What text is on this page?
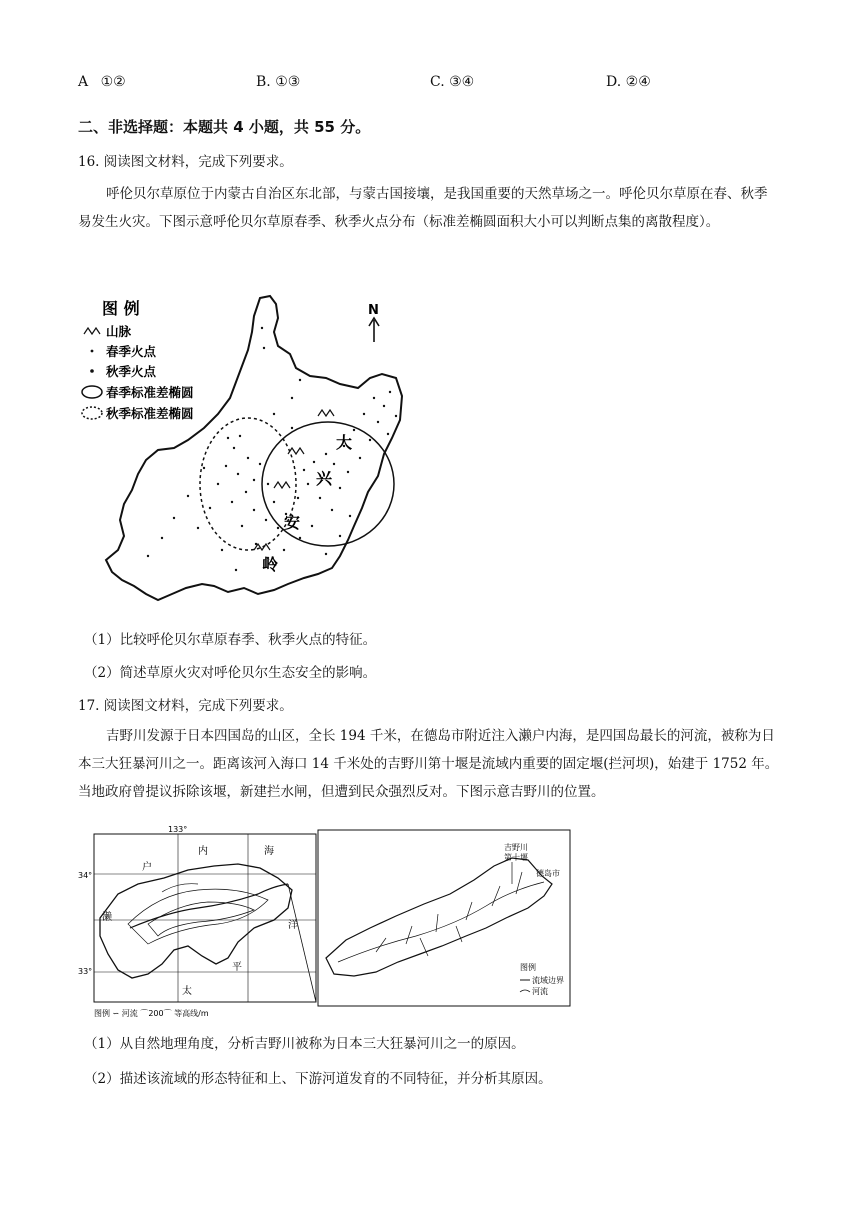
A ①②	B. ①③	C. ③④	D. ②④
二、非选择题：本题共 4 小题，共 55 分。
16. 阅读图文材料，完成下列要求。
呼伦贝尔草原位于内蒙古自治区东北部，与蒙古国接壤，是我国重要的天然草场之一。呼伦贝尔草原在春、秋季易发生火灾。下图示意呼伦贝尔草原春季、秋季火点分布（标准差椭圆面积大小可以判断点集的离散程度）。
大
兴
安
岭
N
图 例
山脉
春季火点
秋季火点
春季标准差椭圆
秋季标准差椭圆
（1）比较呼伦贝尔草原春季、秋季火点的特征。
（2）简述草原火灾对呼伦贝尔生态安全的影响。
17. 阅读图文材料，完成下列要求。
吉野川发源于日本四国岛的山区，全长 194 千米，在德岛市附近注入濑户内海，是四国岛最长的河流，被称为日本三大狂暴河川之一。距离该河入海口 14 千米处的吉野川第十堰是流域内重要的固定堰(拦河坝)，始建于 1752 年。当地政府曾提议拆除该堰，新建拦水闸，但遭到民众强烈反对。下图示意吉野川的位置。
133°
34°
33°
内	海
户
濑
洋
平
太
图例 ∽ 河流 ⌒200⌒ 等高线/m
吉野川
第十堰
德岛市
图例
流域边界
河流
（1）从自然地理角度，分析吉野川被称为日本三大狂暴河川之一的原因。
（2）描述该流域的形态特征和上、下游河道发育的不同特征，并分析其原因。
